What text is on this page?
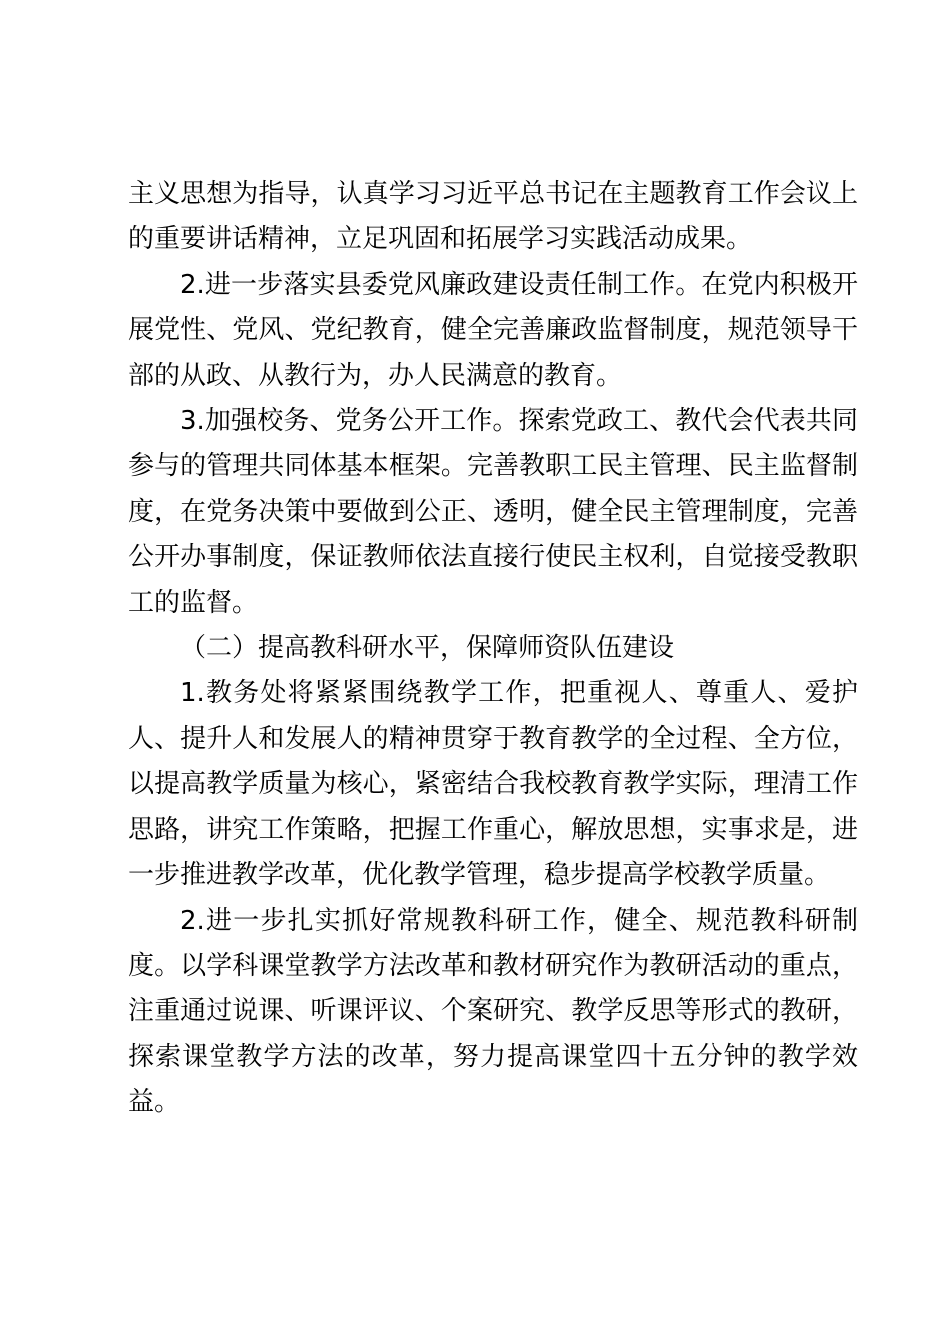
主义思想为指导，认真学习习近平总书记在主题教育工作会议上的重要讲话精神，立足巩固和拓展学习实践活动成果。

2.进一步落实县委党风廉政建设责任制工作。在党内积极开展党性、党风、党纪教育，健全完善廉政监督制度，规范领导干部的从政、从教行为，办人民满意的教育。

3.加强校务、党务公开工作。探索党政工、教代会代表共同参与的管理共同体基本框架。完善教职工民主管理、民主监督制度，在党务决策中要做到公正、透明，健全民主管理制度，完善公开办事制度，保证教师依法直接行使民主权利，自觉接受教职工的监督。

（二）提高教科研水平，保障师资队伍建设

1.教务处将紧紧围绕教学工作，把重视人、尊重人、爱护人、提升人和发展人的精神贯穿于教育教学的全过程、全方位，以提高教学质量为核心，紧密结合我校教育教学实际，理清工作思路，讲究工作策略，把握工作重心，解放思想，实事求是，进一步推进教学改革，优化教学管理，稳步提高学校教学质量。

2.进一步扎实抓好常规教科研工作，健全、规范教科研制度。以学科课堂教学方法改革和教材研究作为教研活动的重点，注重通过说课、听课评议、个案研究、教学反思等形式的教研，探索课堂教学方法的改革，努力提高课堂四十五分钟的教学效益。
